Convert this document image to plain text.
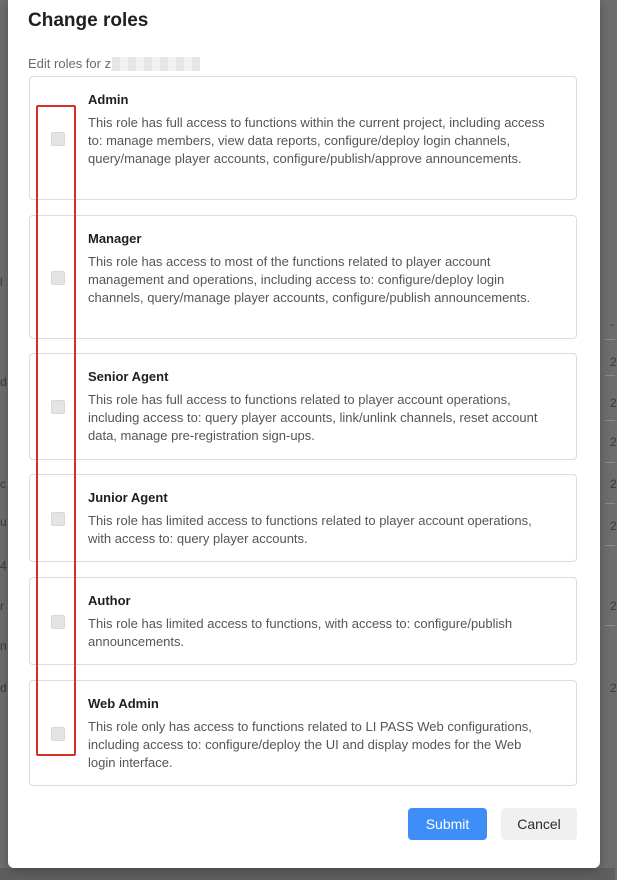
l
d
c
u
4
r
n
d
-
2
2
2
2
2
2
2
Change roles
Edit roles for z
Admin
This role has full access to functions within the current project, including access to: manage members, view data reports, configure/deploy login channels, query/manage player accounts, configure/publish/approve announcements.
Manager
This role has access to most of the functions related to player account management and operations, including access to: configure/deploy login channels, query/manage player accounts, configure/publish announcements.
Senior Agent
This role has full access to functions related to player account operations, including access to: query player accounts, link/unlink channels, reset account data, manage pre-registration sign-ups.
Junior Agent
This role has limited access to functions related to player account operations, with access to: query player accounts.
Author
This role has limited access to functions, with access to: configure/publish announcements.
Web Admin
This role only has access to functions related to LI PASS Web configurations, including access to: configure/deploy the UI and display modes for the Web login interface.
Submit	Cancel
